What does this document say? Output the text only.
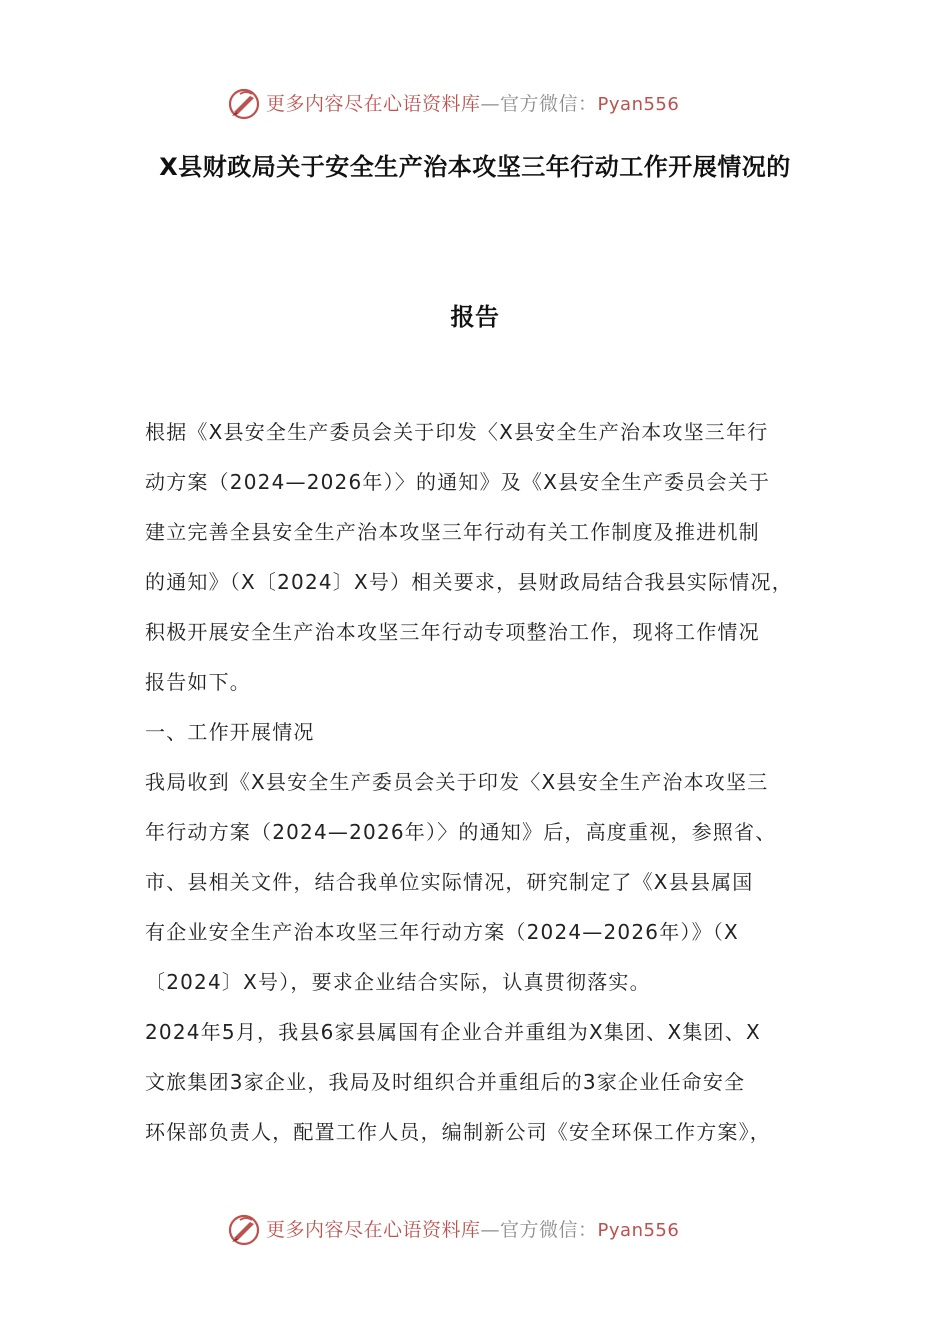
更多内容尽在心语资料库—官方微信：Pyan556
X县财政局关于安全生产治本攻坚三年行动工作开展情况的
报告

根据《X县安全生产委员会关于印发〈X县安全生产治本攻坚三年行
动方案（2024—2026年）〉的通知》及《X县安全生产委员会关于
建立完善全县安全生产治本攻坚三年行动有关工作制度及推进机制
的通知》（X〔2024〕X号）相关要求，县财政局结合我县实际情况，
积极开展安全生产治本攻坚三年行动专项整治工作，现将工作情况
报告如下。

一、工作开展情况

我局收到《X县安全生产委员会关于印发〈X县安全生产治本攻坚三
年行动方案（2024—2026年）〉的通知》后，高度重视，参照省、
市、县相关文件，结合我单位实际情况，研究制定了《X县县属国
有企业安全生产治本攻坚三年行动方案（2024—2026年）》（X
〔2024〕X号），要求企业结合实际，认真贯彻落实。

2024年5月，我县6家县属国有企业合并重组为X集团、X集团、X
文旅集团3家企业，我局及时组织合并重组后的3家企业任命安全
环保部负责人，配置工作人员，编制新公司《安全环保工作方案》，

更多内容尽在心语资料库—官方微信：Pyan556
